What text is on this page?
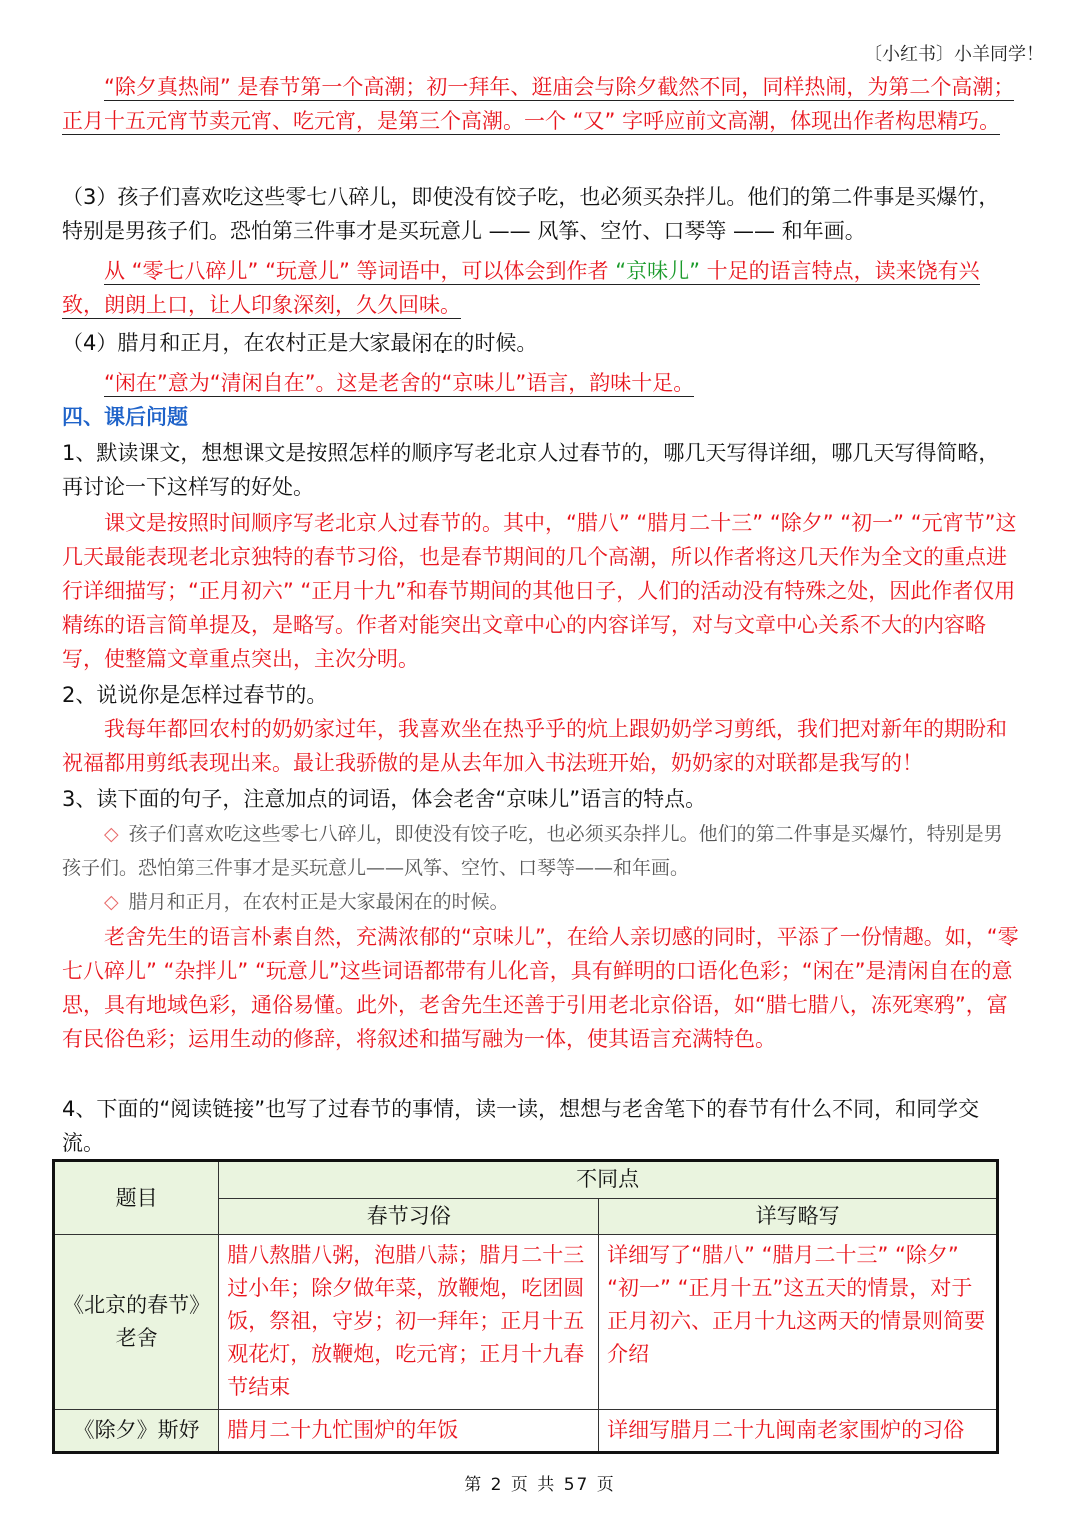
〔小红书〕小羊同学！
“除夕真热闹” 是春节第一个高潮；初一拜年、逛庙会与除夕截然不同，同样热闹，为第二个高潮；正月十五元宵节卖元宵、吃元宵，是第三个高潮。一个 “又” 字呼应前文高潮，体现出作者构思精巧。
（3）孩子们喜欢吃这些零七八碎儿，即使没有饺子吃，也必须买杂拌儿。他们的第二件事是买爆竹，特别是男孩子们。恐怕第三件事才是买玩意儿 —— 风筝、空竹、口琴等 —— 和年画。
从 “零七八碎儿” “玩意儿” 等词语中，可以体会到作者 “京味儿” 十足的语言特点，读来饶有兴致，朗朗上口，让人印象深刻，久久回味。
（4）腊月和正月，在农村正是大家最闲在的时候。
“闲在”意为“清闲自在”。这是老舍的“京味儿”语言，韵味十足。
四、课后问题
1、默读课文，想想课文是按照怎样的顺序写老北京人过春节的，哪几天写得详细，哪几天写得简略，再讨论一下这样写的好处。
课文是按照时间顺序写老北京人过春节的。其中，“腊八” “腊月二十三” “除夕” “初一” “元宵节”这几天最能表现老北京独特的春节习俗，也是春节期间的几个高潮，所以作者将这几天作为全文的重点进行详细描写；“正月初六” “正月十九”和春节期间的其他日子，人们的活动没有特殊之处，因此作者仅用精练的语言简单提及，是略写。作者对能突出文章中心的内容详写，对与文章中心关系不大的内容略写，使整篇文章重点突出，主次分明。
2、说说你是怎样过春节的。
我每年都回农村的奶奶家过年，我喜欢坐在热乎乎的炕上跟奶奶学习剪纸，我们把对新年的期盼和祝福都用剪纸表现出来。最让我骄傲的是从去年加入书法班开始，奶奶家的对联都是我写的！
3、读下面的句子，注意加点的词语，体会老舍“京味儿”语言的特点。
◇ 孩子们喜欢吃这些零七八碎儿，即使没有饺子吃，也必须买杂拌儿。他们的第二件事是买爆竹，特别是男孩子们。恐怕第三件事才是买玩意儿——风筝、空竹、口琴等——和年画。
◇ 腊月和正月，在农村正是大家最闲在的时候。
老舍先生的语言朴素自然，充满浓郁的“京味儿”，在给人亲切感的同时，平添了一份情趣。如，“零七八碎儿” “杂拌儿” “玩意儿”这些词语都带有儿化音，具有鲜明的口语化色彩；“闲在”是清闲自在的意思，具有地域色彩，通俗易懂。此外，老舍先生还善于引用老北京俗语，如“腊七腊八，冻死寒鸦”，富有民俗色彩；运用生动的修辞，将叙述和描写融为一体，使其语言充满特色。
4、下面的“阅读链接”也写了过春节的事情，读一读，想想与老舍笔下的春节有什么不同，和同学交流。
题目	不同点	
	春节习俗	详写略写

《北京的春节》
老舍	腊八熬腊八粥，泡腊八蒜；腊月二十三过小年；除夕做年菜，放鞭炮，吃团圆饭，祭祖，守岁；初一拜年；正月十五观花灯，放鞭炮，吃元宵；正月十九春节结束	详细写了“腊八” “腊月二十三” “除夕” “初一” “正月十五”这五天的情景，对于正月初六、正月十九这两天的情景则简要介绍
《除夕》斯妤	腊月二十九忙围炉的年饭	详细写腊月二十九闽南老家围炉的习俗
第 2 页 共 57 页
